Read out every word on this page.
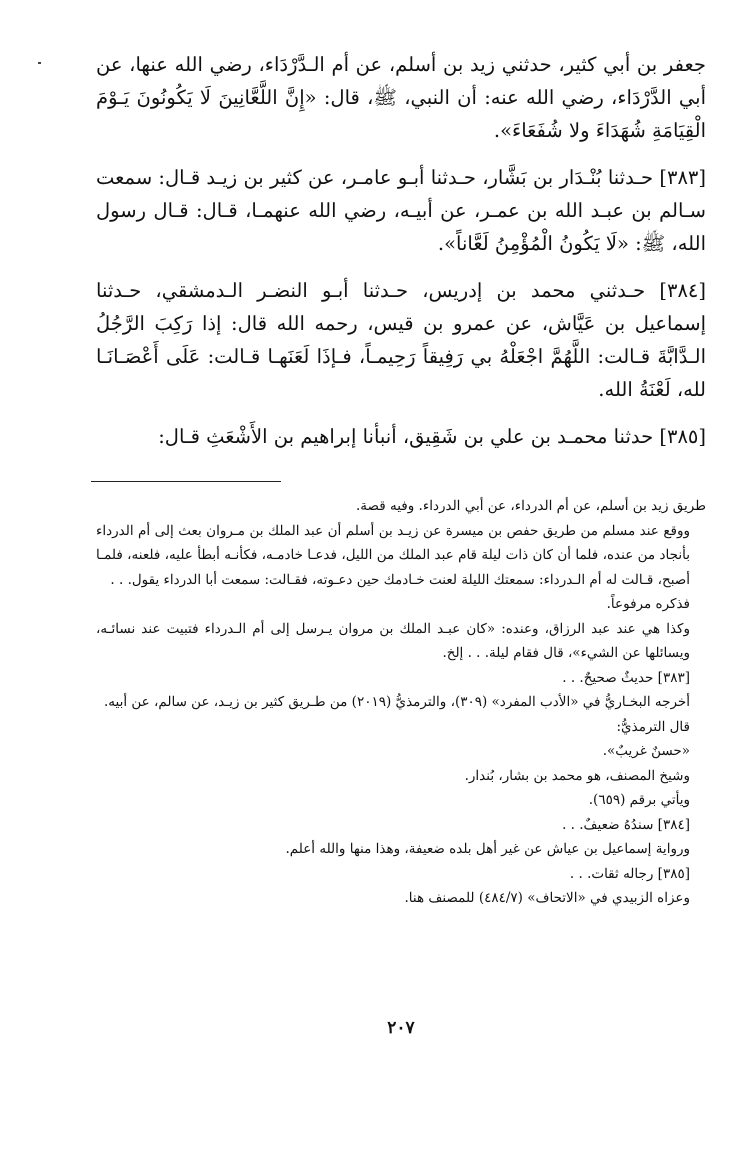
جعفر بن أبي كثير، حدثني زيد بن أسلم، عن أم الـدَّرْدَاء، رضي الله عنها، عن أبي الدَّرْدَاء، رضي الله عنه: أن النبي، ﷺ، قال: «إِنَّ اللَّعَّانِينَ لَا يَكُونُونَ يَـوْمَ الْقِيَامَةِ شُهَدَاءَ ولا شُفَعَاءَ».

[٣٨٣] حـدثنا بُنْـدَار بن بَشَّار، حـدثنا أبـو عامـر، عن كثير بن زيـد قـال: سمعت سـالم بن عبـد الله بن عمـر، عن أبيـه، رضي الله عنهمـا، قـال: قـال رسول الله، ﷺ: «لَا يَكُونُ الْمُؤْمِنُ لَعَّاناً».

[٣٨٤] حـدثني محمد بن إدريس، حـدثنا أبـو النضـر الـدمشقي، حـدثنا إسماعيل بن عَيَّاش، عن عمرو بن قيس، رحمه الله قال: إذا رَكِبَ الرَّجُلُ الـدَّابَّةَ قـالت: اللَّهُمَّ اجْعَلْهُ بي رَفِيقاً رَحِيمـاً، فـإذَا لَعَنَهـا قـالت: عَلَى أَعْصَـانَـا لله، لَعْنَةُ الله.

[٣٨٥] حدثنا محمـد بن علي بن شَقِيق، أنبأنا إبراهيم بن الأَشْعَثِ قـال:

طريق زيد بن أسلم، عن أم الدرداء، عن أبي الدرداء. وفيه قصة.

ووقع عند مسلم من طريق حفص بن ميسرة عن زيـد بن أسلم أن عبد الملك بن مـروان بعث إلى أم الدرداء بأنجاد من عنده، فلما أن كان ذات ليلة قام عبد الملك من الليل، فدعـا خادمـه، فكأنـه أبطأ عليه، فلعنه، فلمـا أصبح، قـالت له أم الـدرداء: سمعتك الليلة لعنت خـادمك حين دعـوته، فقـالت: سمعت أبا الدرداء يقول. . .

فذكره مرفوعاً.

وكذا هي عند عبد الرزاق، وعنده: «كان عبـد الملك بن مروان يـرسل إلى أم الـدرداء فتبيت عند نسائـه، ويسائلها عن الشيء»، قال فقام ليلة. . . إلخ.

[٣٨٣] حديثٌ صحيحٌ. . .

أخرجه البخـاريُّ في «الأدب المفرد» (٣٠٩)، والترمذيُّ (٢٠١٩) من طـريق كثير بن زيـد، عن سالم، عن أبيه.

قال الترمذيُّ:

«حسنٌ غريبٌ».

وشيخ المصنف، هو محمد بن بشار، بُندار.

ويأتي برقم (٦٥٩).

[٣٨٤] سندُهُ ضعيفٌ. . .

ورواية إسماعيل بن عياش عن غير أهل بلده ضعيفة، وهذا منها والله أعلم.

[٣٨٥] رجاله ثقات. . .

وعزاه الزبيدي في «الاتحاف» (٤٨٤/٧) للمصنف هنا.

٢٠٧
